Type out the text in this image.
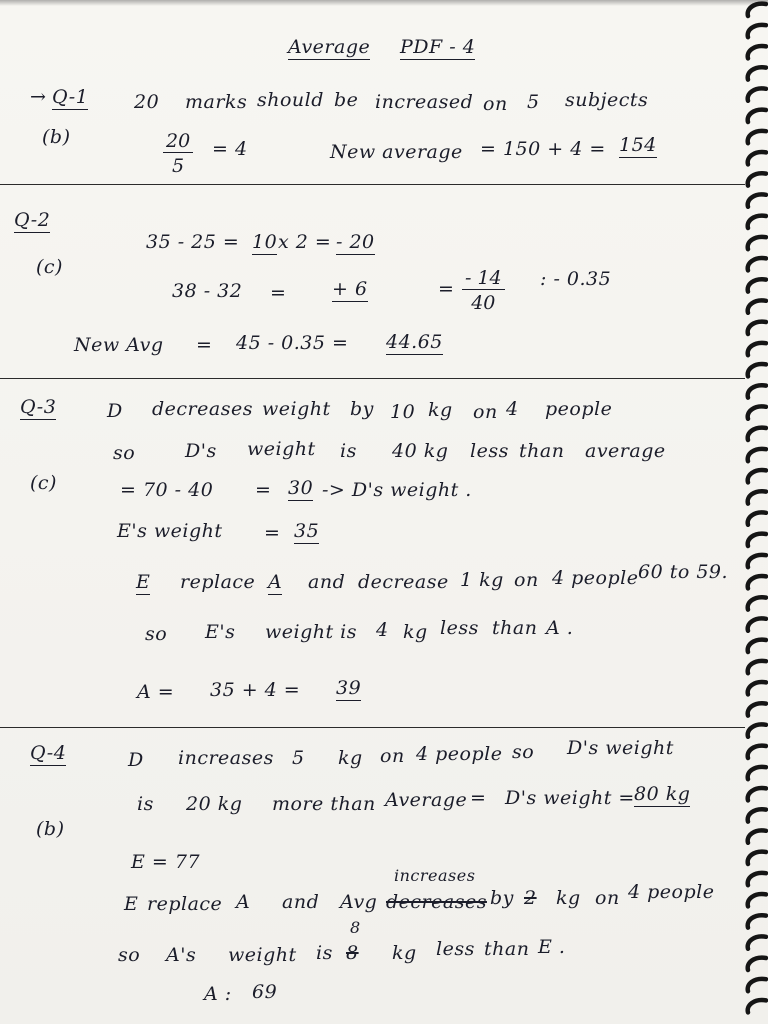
Average PDF - 4
→ Q-1 20 marks should be increased on 5 subjects
(b)	$\frac{20}{5} = 4$	New average = 150 + 4 = 154
Q-2
(c)
35 - 25 = 10 x 2 = - 20
38 - 32 = + 6	= $\frac{- 14}{40}$ : - 0.35
New Avg = 45 - 0.35 = 44.65
Q-3	D decreases weight by 10 kg on 4 people
so	D's weight is 40 kg less than average
(c)	= 70 - 40 = 30 -> D's weight .
E's weight = 35
E replace A and decrease 1 kg on 4 people 60 to 59.
so E's weight is 4 kg less than A .
A = 35 + 4 = 39
Q-4	D increases 5 kg on 4 people so D's weight
is 20 kg more than Average = D's weight = 80 kg
(b)
E = 77
increases
E replace A and Avg decreases by 2 kg on 4 people
8
so A's weight is 8 kg less than E .
A : 69
